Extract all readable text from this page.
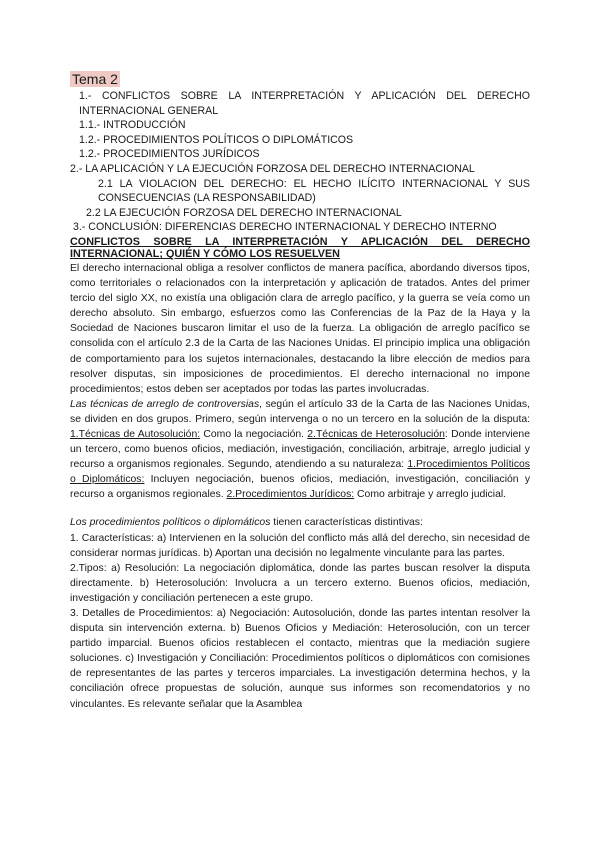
Tema 2
1.- CONFLICTOS SOBRE LA INTERPRETACIÓN Y APLICACIÓN DEL DERECHO INTERNACIONAL GENERAL
1.1.- INTRODUCCIÓN
1.2.- PROCEDIMIENTOS POLÍTICOS O DIPLOMÁTICOS
1.2.- PROCEDIMIENTOS JURÍDICOS
2.- LA APLICACIÓN Y LA EJECUCIÓN FORZOSA DEL DERECHO INTERNACIONAL
2.1 LA VIOLACION DEL DERECHO: EL HECHO ILÍCITO INTERNACIONAL Y SUS CONSECUENCIAS (LA RESPONSABILIDAD)
2.2 LA EJECUCIÓN FORZOSA DEL DERECHO INTERNACIONAL
3.- CONCLUSIÓN: DIFERENCIAS DERECHO INTERNACIONAL Y DERECHO INTERNO
CONFLICTOS SOBRE LA INTERPRETACIÓN Y APLICACIÓN DEL DERECHO INTERNACIONAL; QUIÉN Y CÓMO LOS RESUELVEN

El derecho internacional obliga a resolver conflictos de manera pacífica, abordando diversos tipos, como territoriales o relacionados con la interpretación y aplicación de tratados. Antes del primer tercio del siglo XX, no existía una obligación clara de arreglo pacífico, y la guerra se veía como un derecho absoluto. Sin embargo, esfuerzos como las Conferencias de la Paz de la Haya y la Sociedad de Naciones buscaron limitar el uso de la fuerza. La obligación de arreglo pacífico se consolida con el artículo 2.3 de la Carta de las Naciones Unidas. El principio implica una obligación de comportamiento para los sujetos internacionales, destacando la libre elección de medios para resolver disputas, sin imposiciones de procedimientos. El derecho internacional no impone procedimientos; estos deben ser aceptados por todas las partes involucradas.

Las técnicas de arreglo de controversias, según el artículo 33 de la Carta de las Naciones Unidas, se dividen en dos grupos. Primero, según intervenga o no un tercero en la solución de la disputa: 1.Técnicas de Autosolución: Como la negociación. 2.Técnicas de Heterosolución: Donde interviene un tercero, como buenos oficios, mediación, investigación, conciliación, arbitraje, arreglo judicial y recurso a organismos regionales. Segundo, atendiendo a su naturaleza: 1.Procedimientos Políticos o Diplomáticos: Incluyen negociación, buenos oficios, mediación, investigación, conciliación y recurso a organismos regionales. 2.Procedimientos Jurídicos: Como arbitraje y arreglo judicial.

Los procedimientos políticos o diplomáticos tienen características distintivas:

1. Características: a) Intervienen en la solución del conflicto más allá del derecho, sin necesidad de considerar normas jurídicas. b) Aportan una decisión no legalmente vinculante para las partes.

2.Tipos: a) Resolución: La negociación diplomática, donde las partes buscan resolver la disputa directamente. b) Heterosolución: Involucra a un tercero externo. Buenos oficios, mediación, investigación y conciliación pertenecen a este grupo.

3. Detalles de Procedimientos: a) Negociación: Autosolución, donde las partes intentan resolver la disputa sin intervención externa. b) Buenos Oficios y Mediación: Heterosolución, con un tercer partido imparcial. Buenos oficios restablecen el contacto, mientras que la mediación sugiere soluciones. c) Investigación y Conciliación: Procedimientos políticos o diplomáticos con comisiones de representantes de las partes y terceros imparciales. La investigación determina hechos, y la conciliación ofrece propuestas de solución, aunque sus informes son recomendatorios y no vinculantes. Es relevante señalar que la Asamblea
